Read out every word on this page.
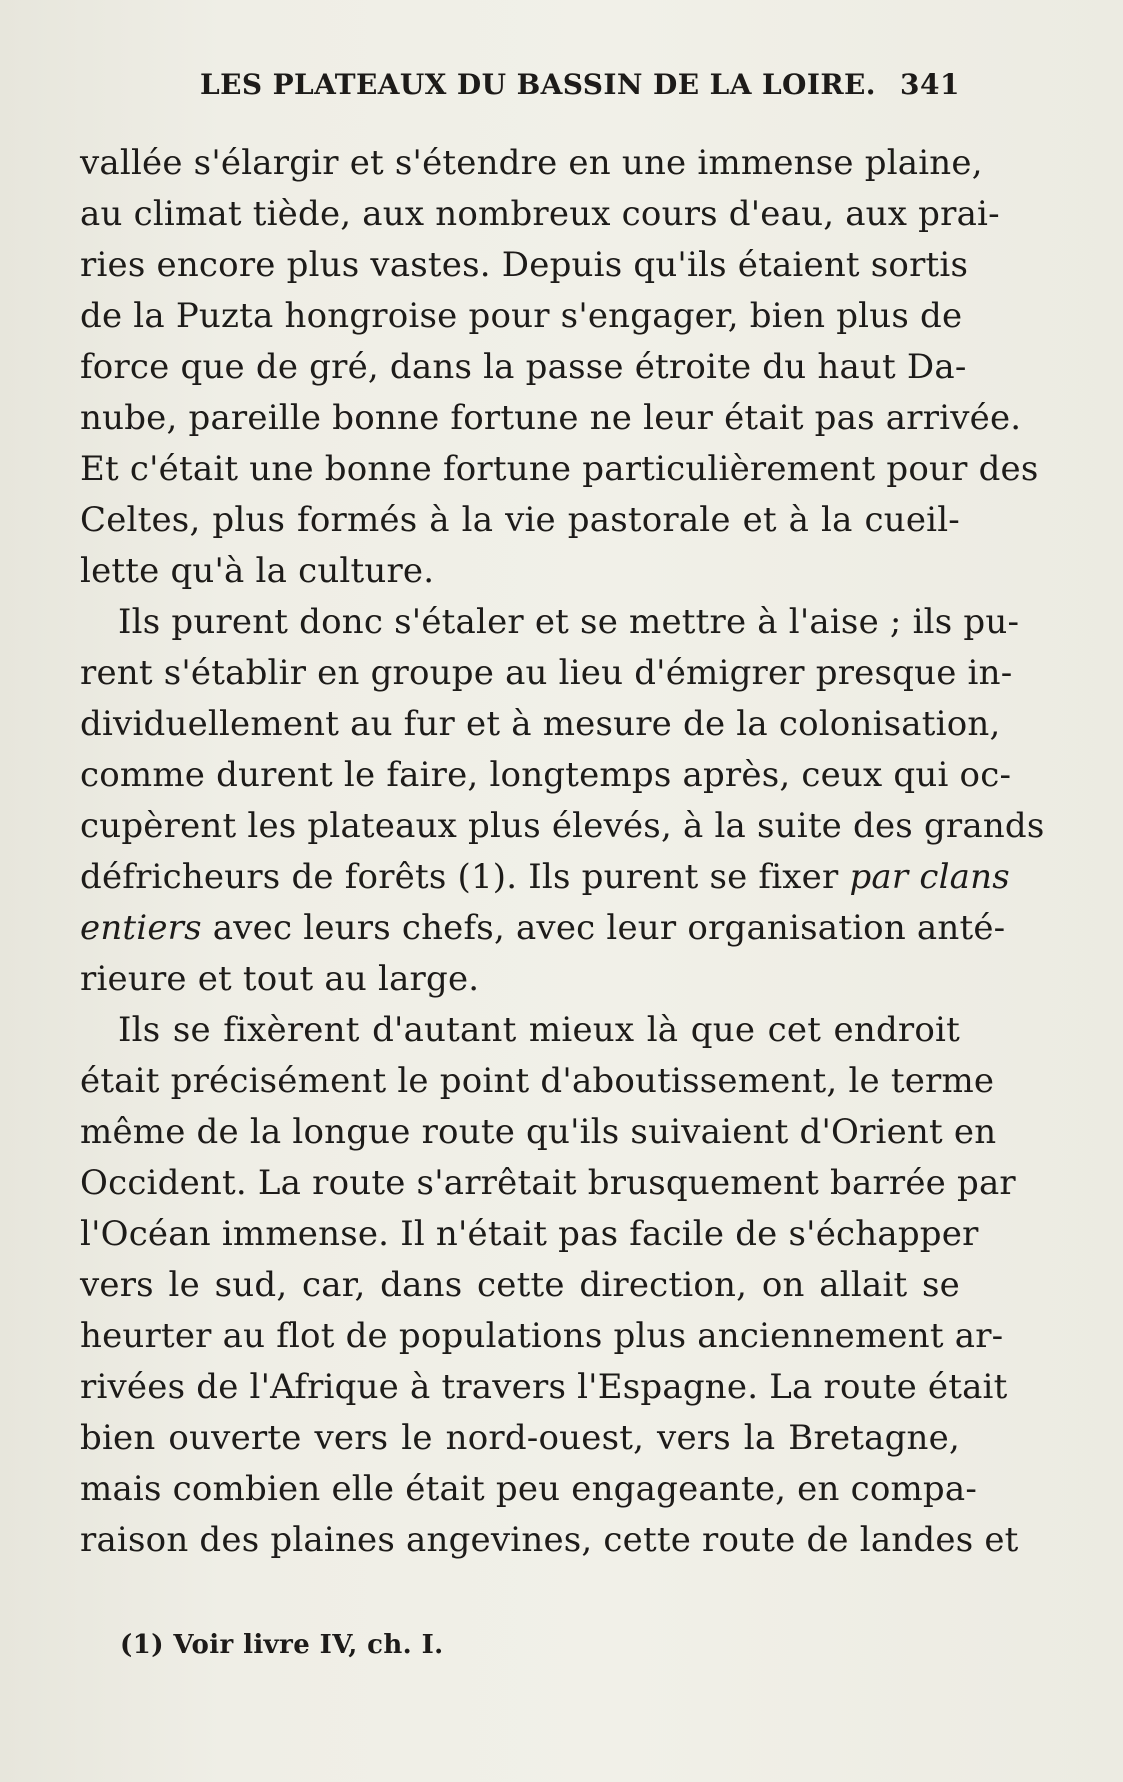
LES PLATEAUX DU BASSIN DE LA LOIRE. 341
vallée s'élargir et s'étendre en une immense plaine,
au climat tiède, aux nombreux cours d'eau, aux prai-
ries encore plus vastes. Depuis qu'ils étaient sortis
de la Puzta hongroise pour s'engager, bien plus de
force que de gré, dans la passe étroite du haut Da-
nube, pareille bonne fortune ne leur était pas arrivée.
Et c'était une bonne fortune particulièrement pour des
Celtes, plus formés à la vie pastorale et à la cueil-
lette qu'à la culture.
Ils purent donc s'étaler et se mettre à l'aise ; ils pu-
rent s'établir en groupe au lieu d'émigrer presque in-
dividuellement au fur et à mesure de la colonisation,
comme durent le faire, longtemps après, ceux qui oc-
cupèrent les plateaux plus élevés, à la suite des grands
défricheurs de forêts (1). Ils purent se fixer par clans
entiers avec leurs chefs, avec leur organisation anté-
rieure et tout au large.
Ils se fixèrent d'autant mieux là que cet endroit
était précisément le point d'aboutissement, le terme
même de la longue route qu'ils suivaient d'Orient en
Occident. La route s'arrêtait brusquement barrée par
l'Océan immense. Il n'était pas facile de s'échapper
vers le sud, car, dans cette direction, on allait se
heurter au flot de populations plus anciennement ar-
rivées de l'Afrique à travers l'Espagne. La route était
bien ouverte vers le nord-ouest, vers la Bretagne,
mais combien elle était peu engageante, en compa-
raison des plaines angevines, cette route de landes et
(1) Voir livre IV, ch. I.
